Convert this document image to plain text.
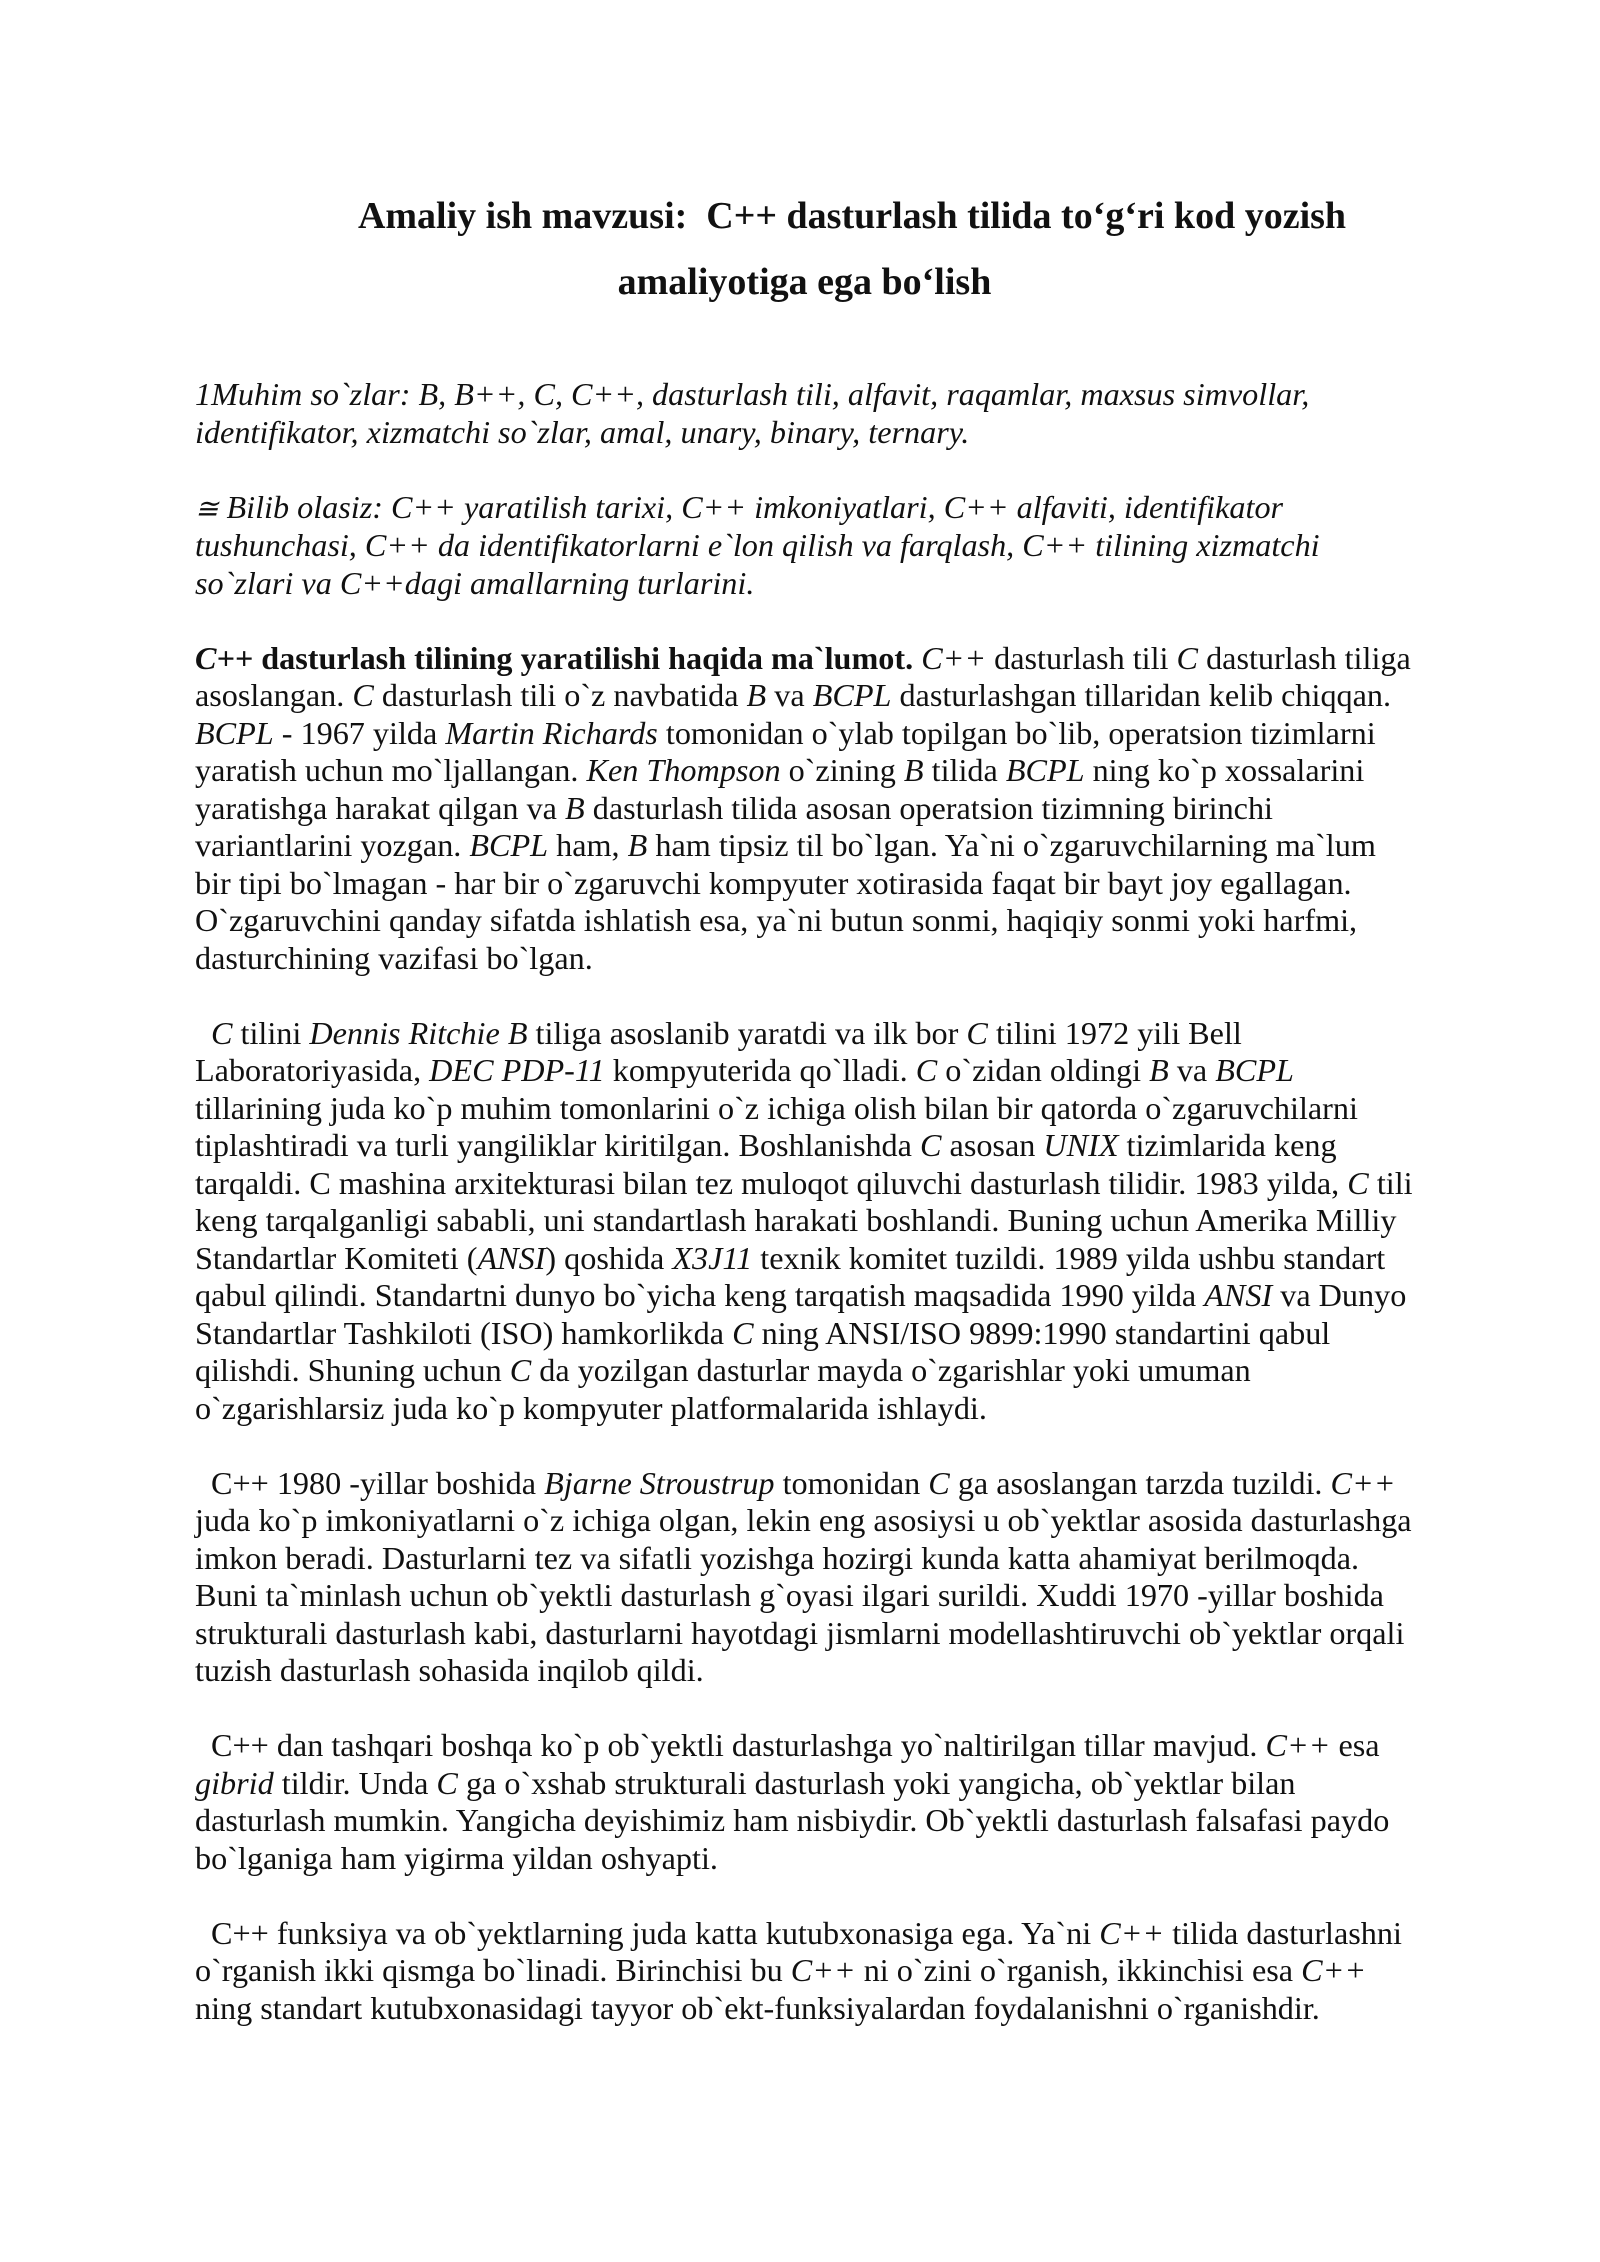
Amaliy ish mavzusi:  C++ dasturlash tilida to‘g‘ri kod yozish
amaliyotiga ega bo‘lish

1Muhim so`zlar: B, B++, C, C++, dasturlash tili, alfavit, raqamlar, maxsus simvollar, identifikator, xizmatchi so`zlar, amal, unary, binary, ternary.

≅ Bilib olasiz: C++ yaratilish tarixi, C++ imkoniyatlari, C++ alfaviti, identifikator tushunchasi, C++ da identifikatorlarni e`lon qilish va farqlash, C++ tilining xizmatchi so`zlari va C++dagi amallarning turlarini.

C++ dasturlash tilining yaratilishi haqida ma`lumot. C++ dasturlash tili C dasturlash tiliga asoslangan. C dasturlash tili o`z navbatida B va BCPL dasturlashgan tillaridan kelib chiqqan. BCPL - 1967 yilda Martin Richards tomonidan o`ylab topilgan bo`lib, operatsion tizimlarni yaratish uchun mo`ljallangan. Ken Thompson o`zining B tilida BCPL ning ko`p xossalarini yaratishga harakat qilgan va B dasturlash tilida asosan operatsion tizimning birinchi variantlarini yozgan. BCPL ham, B ham tipsiz til bo`lgan. Ya`ni o`zgaruvchilarning ma`lum bir tipi bo`lmagan - har bir o`zgaruvchi kompyuter xotirasida faqat bir bayt joy egallagan. O`zgaruvchini qanday sifatda ishlatish esa, ya`ni butun sonmi, haqiqiy sonmi yoki harfmi, dasturchining vazifasi bo`lgan.

C tilini Dennis Ritchie B tiliga asoslanib yaratdi va ilk bor C tilini 1972 yili Bell Laboratoriyasida, DEC PDP-11 kompyuterida qo`lladi. C o`zidan oldingi B va BCPL tillarining juda ko`p muhim tomonlarini o`z ichiga olish bilan bir qatorda o`zgaruvchilarni tiplashtiradi va turli yangiliklar kiritilgan. Boshlanishda C asosan UNIX tizimlarida keng tarqaldi. C mashina arxitekturasi bilan tez muloqot qiluvchi dasturlash tilidir. 1983 yilda, C tili keng tarqalganligi sababli, uni standartlash harakati boshlandi. Buning uchun Amerika Milliy Standartlar Komiteti (ANSI) qoshida X3J11 texnik komitet tuzildi. 1989 yilda ushbu standart qabul qilindi. Standartni dunyo bo`yicha keng tarqatish maqsadida 1990 yilda ANSI va Dunyo Standartlar Tashkiloti (ISO) hamkorlikda C ning ANSI/ISO 9899:1990 standartini qabul qilishdi. Shuning uchun C da yozilgan dasturlar mayda o`zgarishlar yoki umuman o`zgarishlarsiz juda ko`p kompyuter platformalarida ishlaydi.

C++ 1980 -yillar boshida Bjarne Stroustrup tomonidan C ga asoslangan tarzda tuzildi. C++ juda ko`p imkoniyatlarni o`z ichiga olgan, lekin eng asosiysi u ob`yektlar asosida dasturlashga imkon beradi. Dasturlarni tez va sifatli yozishga hozirgi kunda katta ahamiyat berilmoqda. Buni ta`minlash uchun ob`yektli dasturlash g`oyasi ilgari surildi. Xuddi 1970 -yillar boshida strukturali dasturlash kabi, dasturlarni hayotdagi jismlarni modellashtiruvchi ob`yektlar orqali tuzish dasturlash sohasida inqilob qildi.

C++ dan tashqari boshqa ko`p ob`yektli dasturlashga yo`naltirilgan tillar mavjud. C++ esa gibrid tildir. Unda C ga o`xshab strukturali dasturlash yoki yangicha, ob`yektlar bilan dasturlash mumkin. Yangicha deyishimiz ham nisbiydir. Ob`yektli dasturlash falsafasi paydo bo`lganiga ham yigirma yildan oshyapti.

C++ funksiya va ob`yektlarning juda katta kutubxonasiga ega. Ya`ni C++ tilida dasturlashni o`rganish ikki qismga bo`linadi. Birinchisi bu C++ ni o`zini o`rganish, ikkinchisi esa C++ ning standart kutubxonasidagi tayyor ob`ekt-funksiyalardan foydalanishni o`rganishdir.
